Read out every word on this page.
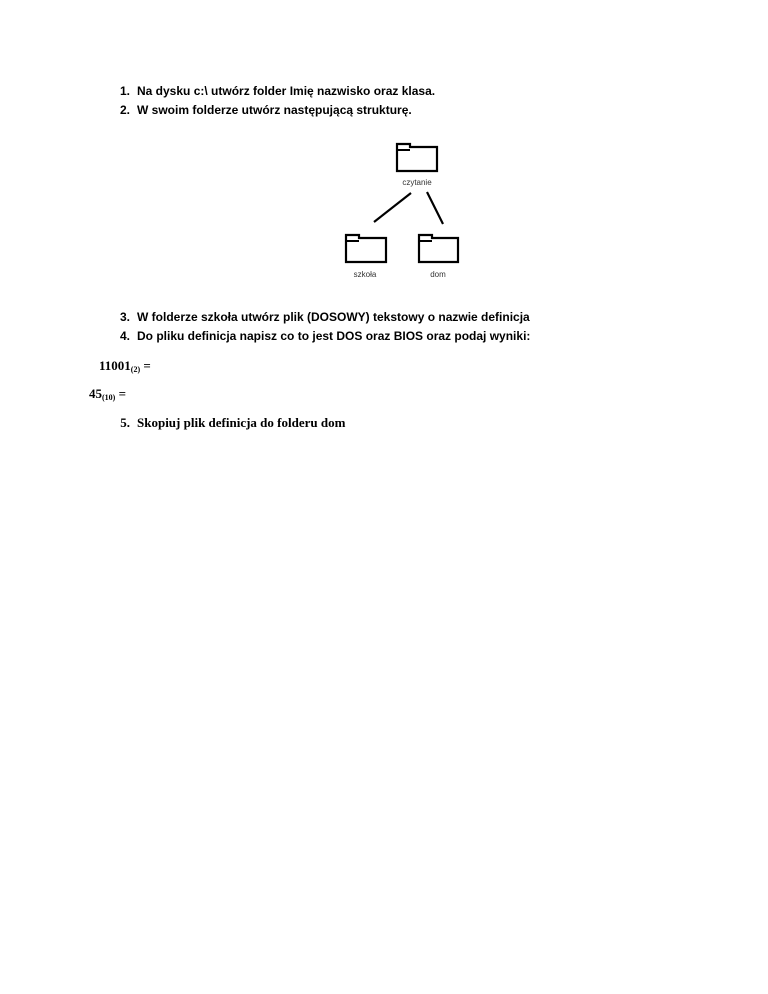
1. Na dysku c:\ utwórz folder Imię nazwisko oraz klasa.
2. W swoim folderze utwórz następującą strukturę.
czytanie
szkoła	dom
3. W folderze szkoła utwórz plik (DOSOWY) tekstowy o nazwie definicja
4. Do pliku definicja napisz co to jest DOS oraz BIOS oraz podaj wyniki:
$11001_{(2)}$ =
$45_{(10)}$ =
5. Skopiuj plik definicja do folderu dom
